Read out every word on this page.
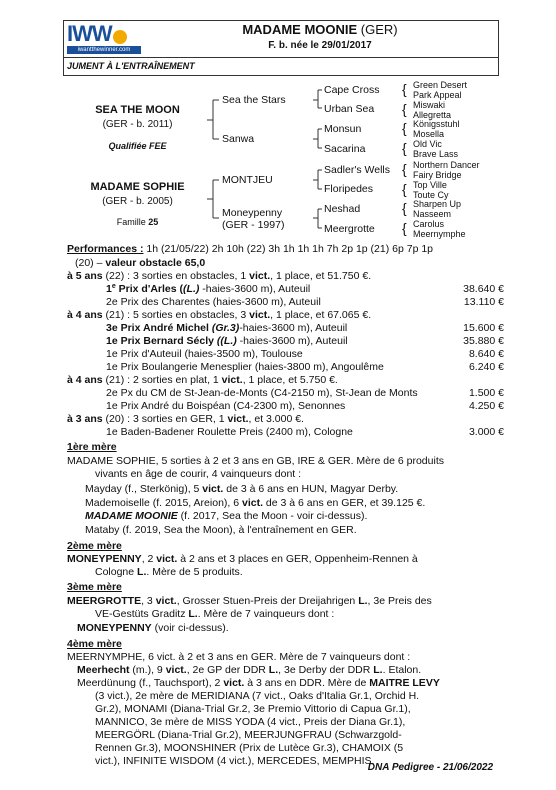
IWW
iwantthewinner.com
MADAME MOONIE (GER)
F. b. née le 29/01/2017
JUMENT À L'ENTRAÎNEMENT
SEA THE MOON
(GER - b. 2011)
Qualifiée FEE
MADAME SOPHIE
(GER - b. 2005)
Famille 25
Sea the Stars
Sanwa
MONTJEU
Moneypenny
(GER - 1997)
Cape Cross
Urban Sea
Monsun
Sacarina
Sadler's Wells
Floripedes
Neshad
Meergrotte
Green Desert
{ Park Appeal
Miswaki
{ Allegretta
Königsstuhl
{ Mosella
Old Vic
{ Brave Lass
Northern Dancer
{ Fairy Bridge
Top Ville
{ Toute Cy
Sharpen Up
{ Nasseem
Carolus
{ Meernymphe
Performances : 1h (21/05/22) 2h 10h (22) 3h 1h 1h 1h 7h 2p 1p (21) 6p 7p 1p
(20) – valeur obstacle 65,0
à 5 ans (22) : 3 sorties en obstacles, 1 vict., 1 place, et 51.750 €.
1e Prix d'Arles ((L.) -haies-3600 m), Auteuil	38.640 €
2e Prix des Charentes (haies-3600 m), Auteuil	13.110 €
à 4 ans (21) : 5 sorties en obstacles, 3 vict., 1 place, et 67.065 €.
3e Prix André Michel (Gr.3)-haies-3600 m), Auteuil	15.600 €
1e Prix Bernard Sécly ((L.) -haies-3600 m), Auteuil	35.880 €
1e Prix d'Auteuil (haies-3500 m), Toulouse	8.640 €
1e Prix Boulangerie Menesplier (haies-3800 m), Angoulême	6.240 €
à 4 ans (21) : 2 sorties en plat, 1 vict., 1 place, et 5.750 €.
2e Px du CM de St-Jean-de-Monts (C4-2150 m), St-Jean de Monts	1.500 €
1e Prix André du Boispéan (C4-2300 m), Senonnes	4.250 €
à 3 ans (20) : 3 sorties en GER, 1 vict., et 3.000 €.
1e Baden-Badener Roulette Preis (2400 m), Cologne	3.000 €
1ère mère
MADAME SOPHIE, 5 sorties à 2 et 3 ans en GB, IRE & GER. Mère de 6 produits
vivants en âge de courir, 4 vainqueurs dont :
Mayday (f., Sterkönig), 5 vict. de 3 à 6 ans en HUN, Magyar Derby.
Mademoiselle (f. 2015, Areion), 6 vict. de 3 à 6 ans en GER, et 39.125 €.
MADAME MOONIE (f. 2017, Sea the Moon - voir ci-dessus).
Mataby (f. 2019, Sea the Moon), à l'entraînement en GER.
2ème mère
MONEYPENNY, 2 vict. à 2 ans et 3 places en GER, Oppenheim-Rennen à
Cologne L.. Mère de 5 produits.
3ème mère
MEERGROTTE, 3 vict., Grosser Stuen-Preis der Dreijahrigen L., 3e Preis des
VE-Gestüts Graditz L.. Mère de 7 vainqueurs dont :
MONEYPENNY (voir ci-dessus).
4ème mère
MEERNYMPHE, 6 vict. à 2 et 3 ans en GER. Mère de 7 vainqueurs dont :
Meerhecht (m.), 9 vict., 2e GP der DDR L., 3e Derby der DDR L.. Etalon.
Meerdünung (f., Tauchsport), 2 vict. à 3 ans en DDR. Mère de MAITRE LEVY
(3 vict.), 2e mère de MERIDIANA (7 vict., Oaks d'Italia Gr.1, Orchid H.
Gr.2), MONAMI (Diana-Trial Gr.2, 3e Premio Vittorio di Capua Gr.1),
MANNICO, 3e mère de MISS YODA (4 vict., Preis der Diana Gr.1),
MEERGÖRL (Diana-Trial Gr.2), MEERJUNGFRAU (Schwarzgold-
Rennen Gr.3), MOONSHINER (Prix de Lutèce Gr.3), CHAMOIX (5
vict.), INFINITE WISDOM (4 vict.), MERCEDES, MEMPHIS.
DNA Pedigree - 21/06/2022
